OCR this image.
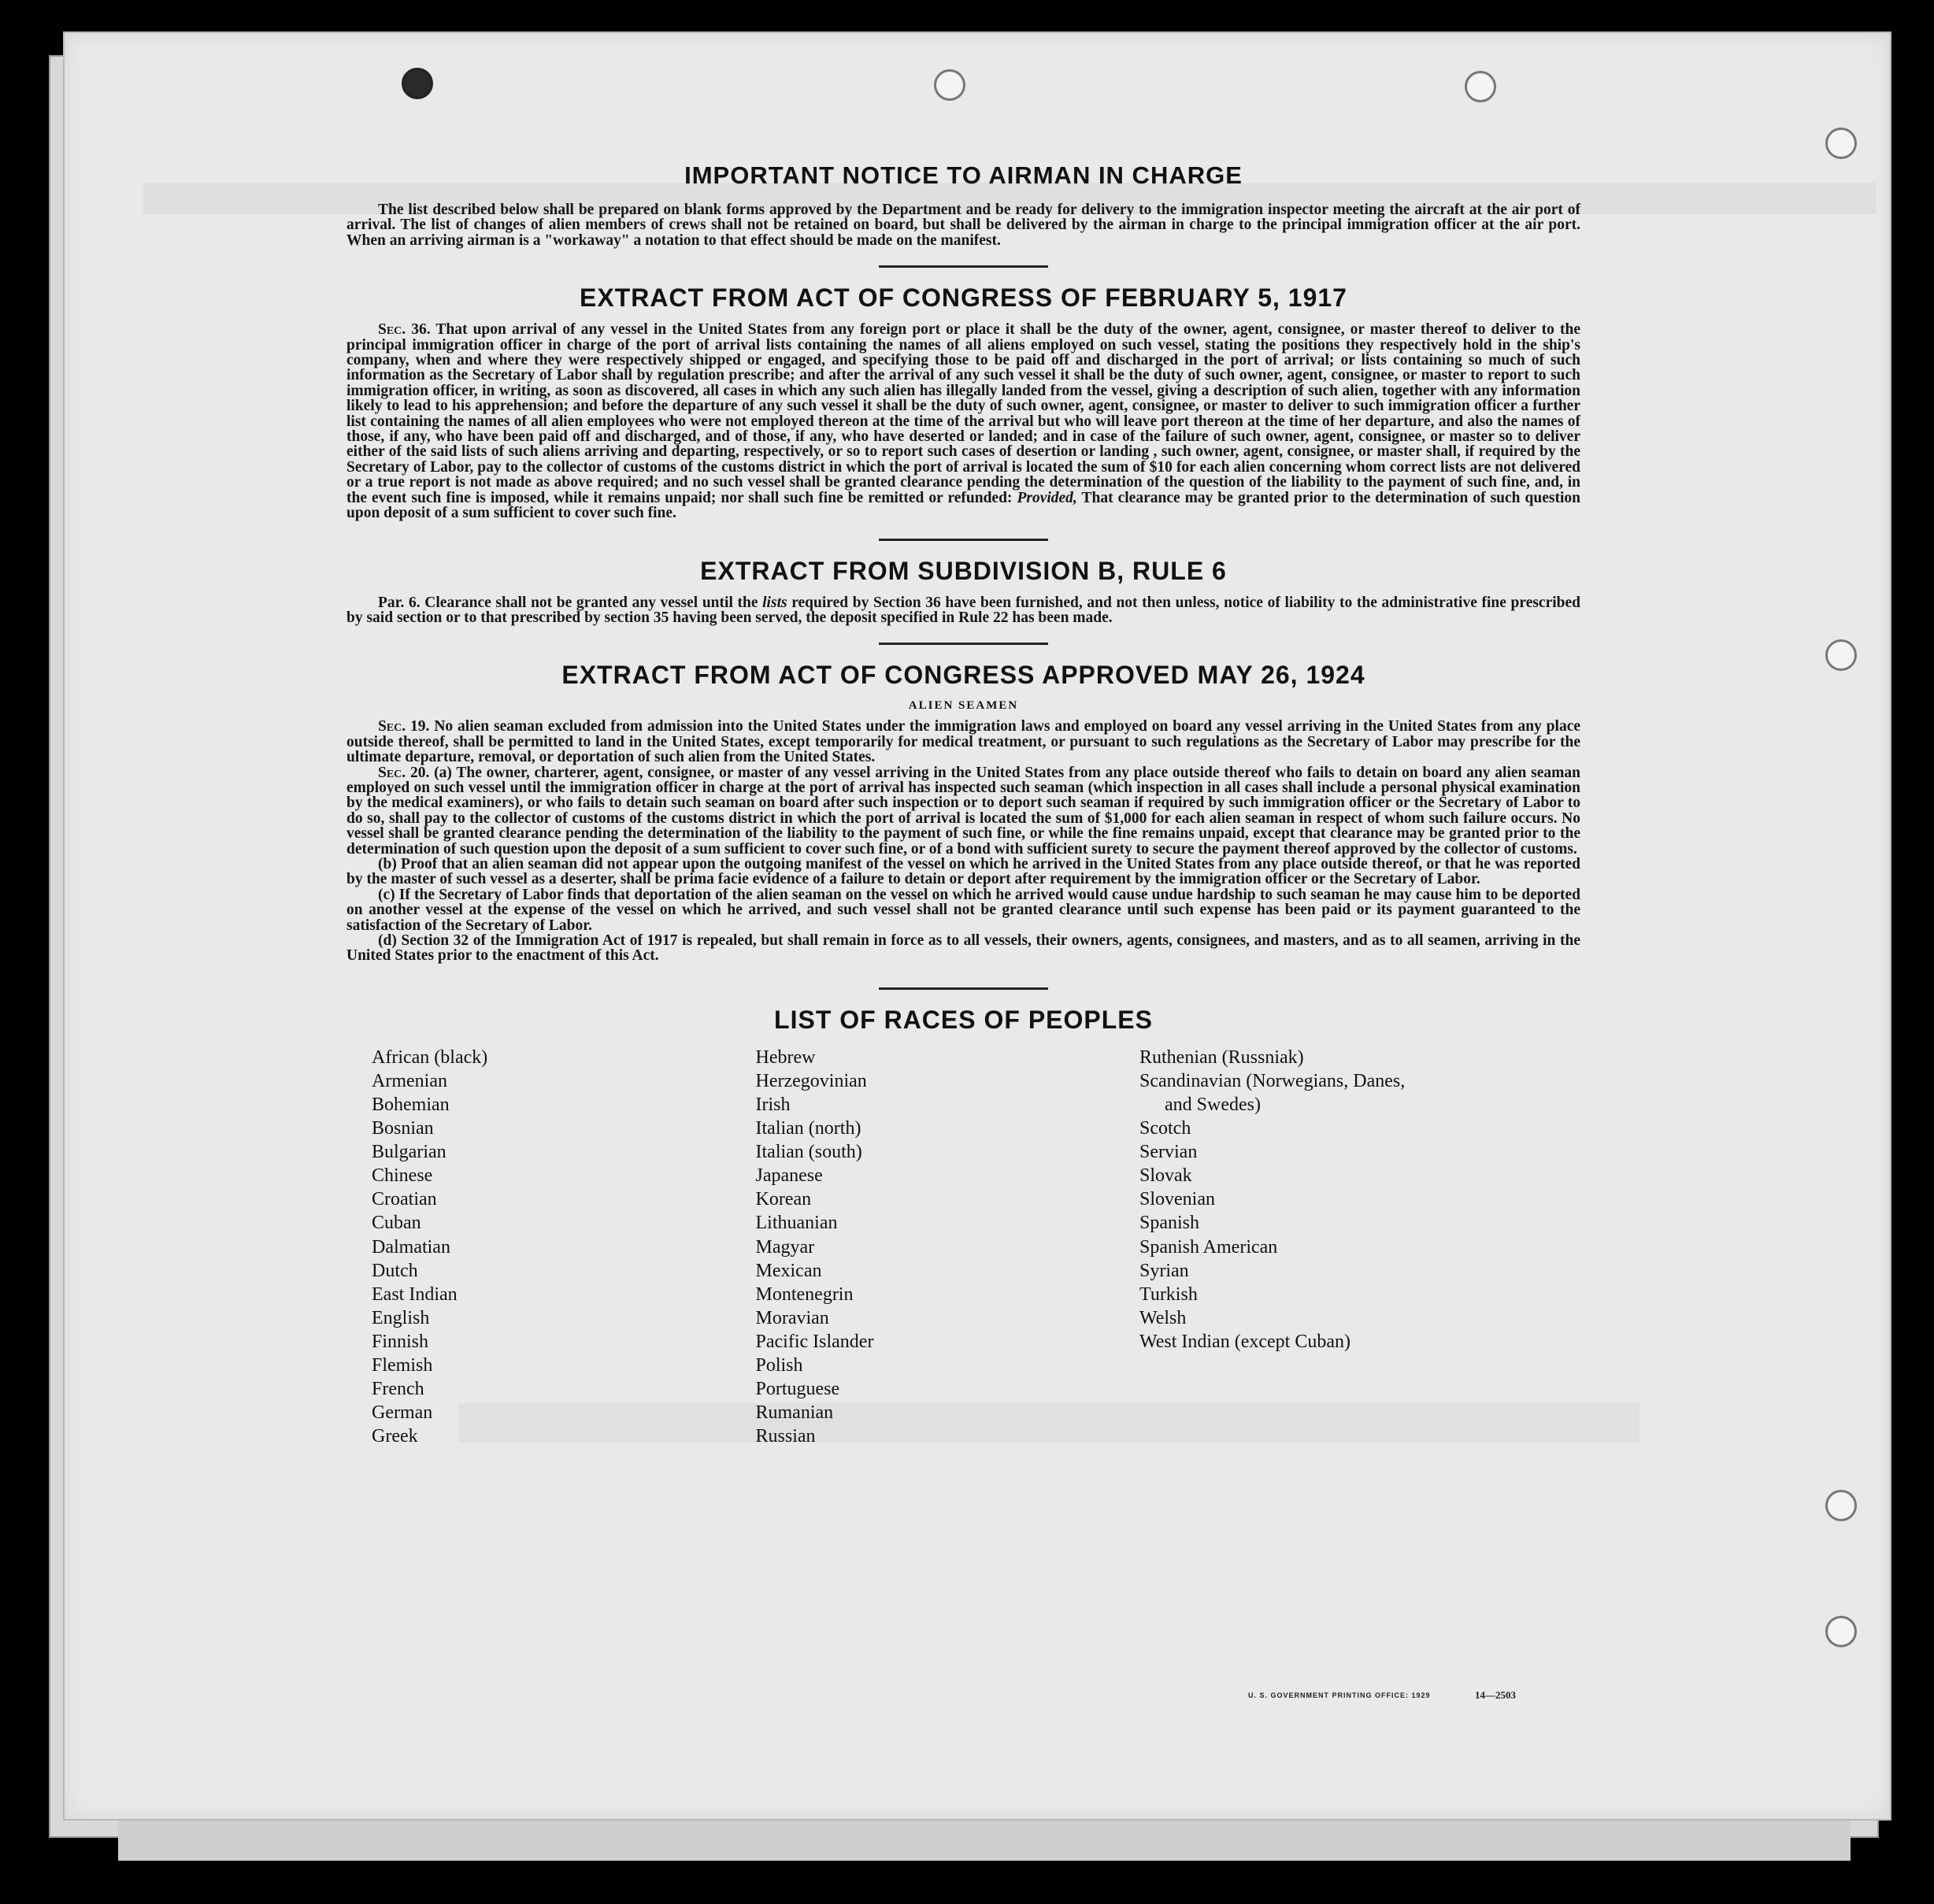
IMPORTANT NOTICE TO AIRMAN IN CHARGE

The list described below shall be prepared on blank forms approved by the Department and be ready for delivery to the immigration inspector meeting the aircraft at the air port of arrival. The list of changes of alien members of crews shall not be retained on board, but shall be delivered by the airman in charge to the principal immigration officer at the air port. When an arriving airman is a "workaway" a notation to that effect should be made on the manifest.

EXTRACT FROM ACT OF CONGRESS OF FEBRUARY 5, 1917

Sec. 36. That upon arrival of any vessel in the United States from any foreign port or place it shall be the duty of the owner, agent, consignee, or master thereof to deliver to the principal immigration officer in charge of the port of arrival lists containing the names of all aliens employed on such vessel, stating the positions they respectively hold in the ship's company, when and where they were respectively shipped or engaged, and specifying those to be paid off and discharged in the port of arrival; or lists containing so much of such information as the Secretary of Labor shall by regulation prescribe; and after the arrival of any such vessel it shall be the duty of such owner, agent, consignee, or master to report to such immigration officer, in writing, as soon as discovered, all cases in which any such alien has illegally landed from the vessel, giving a description of such alien, together with any information likely to lead to his apprehension; and before the departure of any such vessel it shall be the duty of such owner, agent, consignee, or master to deliver to such immigration officer a further list containing the names of all alien employees who were not employed thereon at the time of the arrival but who will leave port thereon at the time of her departure, and also the names of those, if any, who have been paid off and discharged, and of those, if any, who have deserted or landed; and in case of the failure of such owner, agent, consignee, or master so to deliver either of the said lists of such aliens arriving and departing, respectively, or so to report such cases of desertion or landing , such owner, agent, consignee, or master shall, if required by the Secretary of Labor, pay to the collector of customs of the customs district in which the port of arrival is located the sum of $10 for each alien concerning whom correct lists are not delivered or a true report is not made as above required; and no such vessel shall be granted clearance pending the determination of the question of the liability to the payment of such fine, and, in the event such fine is imposed, while it remains unpaid; nor shall such fine be remitted or refunded: Provided, That clearance may be granted prior to the determination of such question upon deposit of a sum sufficient to cover such fine.

EXTRACT FROM SUBDIVISION B, RULE 6

Par. 6. Clearance shall not be granted any vessel until the lists required by Section 36 have been furnished, and not then unless, notice of liability to the administrative fine prescribed by said section or to that prescribed by section 35 having been served, the deposit specified in Rule 22 has been made.

EXTRACT FROM ACT OF CONGRESS APPROVED MAY 26, 1924
ALIEN SEAMEN

Sec. 19. No alien seaman excluded from admission into the United States under the immigration laws and employed on board any vessel arriving in the United States from any place outside thereof, shall be permitted to land in the United States, except temporarily for medical treatment, or pursuant to such regulations as the Secretary of Labor may prescribe for the ultimate departure, removal, or deportation of such alien from the United States.

Sec. 20. (a) The owner, charterer, agent, consignee, or master of any vessel arriving in the United States from any place outside thereof who fails to detain on board any alien seaman employed on such vessel until the immigration officer in charge at the port of arrival has inspected such seaman (which inspection in all cases shall include a personal physical examination by the medical examiners), or who fails to detain such seaman on board after such inspection or to deport such seaman if required by such immigration officer or the Secretary of Labor to do so, shall pay to the collector of customs of the customs district in which the port of arrival is located the sum of $1,000 for each alien seaman in respect of whom such failure occurs. No vessel shall be granted clearance pending the determination of the liability to the payment of such fine, or while the fine remains unpaid, except that clearance may be granted prior to the determination of such question upon the deposit of a sum sufficient to cover such fine, or of a bond with sufficient surety to secure the payment thereof approved by the collector of customs.

(b) Proof that an alien seaman did not appear upon the outgoing manifest of the vessel on which he arrived in the United States from any place outside thereof, or that he was reported by the master of such vessel as a deserter, shall be prima facie evidence of a failure to detain or deport after requirement by the immigration officer or the Secretary of Labor.

(c) If the Secretary of Labor finds that deportation of the alien seaman on the vessel on which he arrived would cause undue hardship to such seaman he may cause him to be deported on another vessel at the expense of the vessel on which he arrived, and such vessel shall not be granted clearance until such expense has been paid or its payment guaranteed to the satisfaction of the Secretary of Labor.

(d) Section 32 of the Immigration Act of 1917 is repealed, but shall remain in force as to all vessels, their owners, agents, consignees, and masters, and as to all seamen, arriving in the United States prior to the enactment of this Act.

LIST OF RACES OF PEOPLES
African (black)
Armenian
Bohemian
Bosnian
Bulgarian
Chinese
Croatian
Cuban
Dalmatian
Dutch
East Indian
English
Finnish
Flemish
French
German
Greek
Hebrew
Herzegovinian
Irish
Italian (north)
Italian (south)
Japanese
Korean
Lithuanian
Magyar
Mexican
Montenegrin
Moravian
Pacific Islander
Polish
Portuguese
Rumanian
Russian
Ruthenian (Russniak)
Scandinavian (Norwegians, Danes,
and Swedes)
Scotch
Servian
Slovak
Slovenian
Spanish
Spanish American
Syrian
Turkish
Welsh
West Indian (except Cuban)
U. S. GOVERNMENT PRINTING OFFICE: 1929	14—2503
